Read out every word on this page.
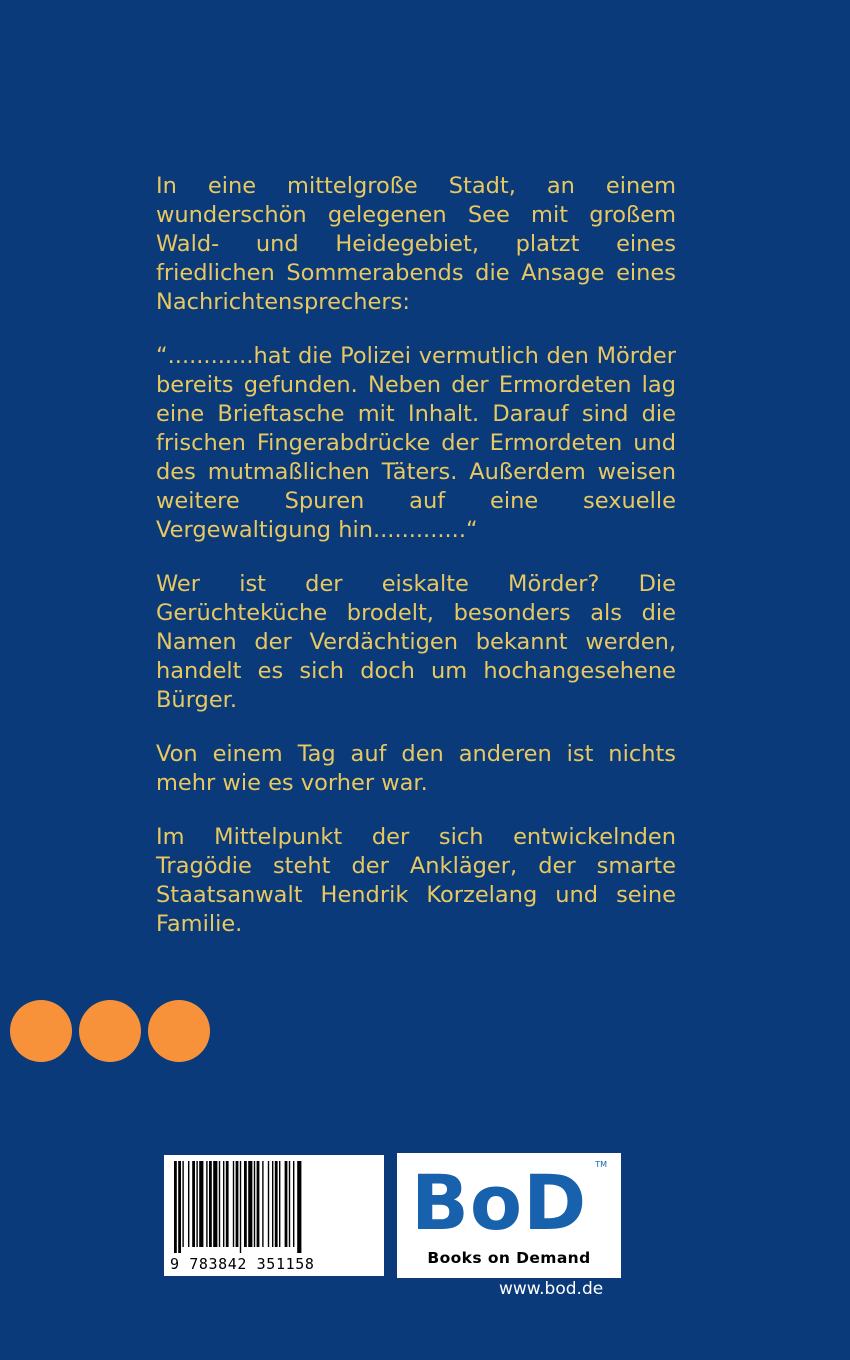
In eine mittelgroße Stadt, an einem wunderschön gelegenen See mit großem Wald- und Heidegebiet, platzt eines friedlichen Sommerabends die Ansage eines Nachrichtensprechers:

“............hat die Polizei vermutlich den Mörder bereits gefunden. Neben der Ermordeten lag eine Brieftasche mit Inhalt. Darauf sind die frischen Fingerabdrücke der Ermordeten und des mutmaßlichen Täters. Außerdem weisen weitere Spuren auf eine sexuelle Vergewaltigung hin.............“

Wer ist der eiskalte Mörder? Die Gerüchteküche brodelt, besonders als die Namen der Verdächtigen bekannt werden, handelt es sich doch um hochangesehene Bürger.

Von einem Tag auf den anderen ist nichts mehr wie es vorher war.

Im Mittelpunkt der sich entwickelnden Tragödie steht der Ankläger, der smarte Staatsanwalt Hendrik Korzelang und seine Familie.

9 783842 351158
BoD TM
Books on Demand
www.bod.de
